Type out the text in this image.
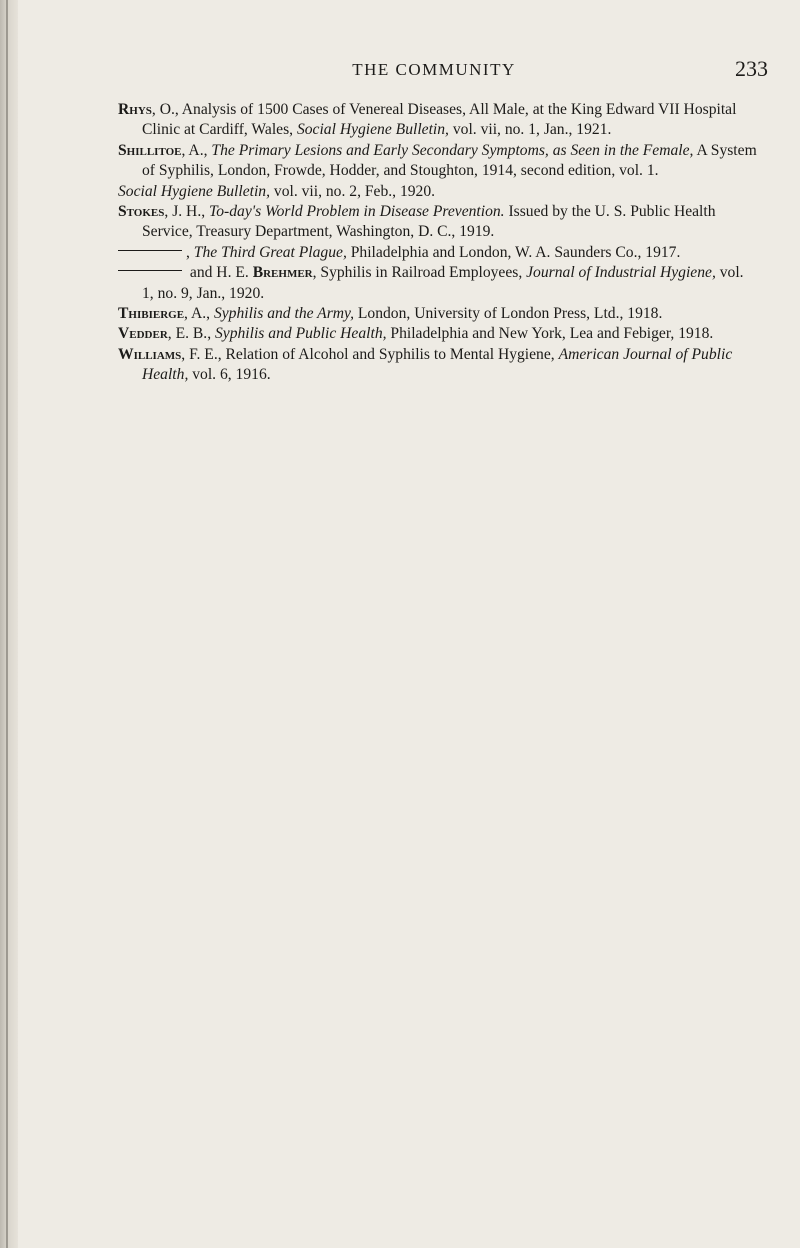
THE COMMUNITY	233

Rhys, O., Analysis of 1500 Cases of Venereal Diseases, All Male, at the King Edward VII Hospital Clinic at Cardiff, Wales, Social Hygiene Bulletin, vol. vii, no. 1, Jan., 1921.

Shillitoe, A., The Primary Lesions and Early Secondary Symptoms, as Seen in the Female, A System of Syphilis, London, Frowde, Hodder, and Stoughton, 1914, second edition, vol. 1.

Social Hygiene Bulletin, vol. vii, no. 2, Feb., 1920.

Stokes, J. H., To-day's World Problem in Disease Prevention. Issued by the U. S. Public Health Service, Treasury Department, Washington, D. C., 1919.

, The Third Great Plague, Philadelphia and London, W. A. Saunders Co., 1917.

and H. E. Brehmer, Syphilis in Railroad Employees, Journal of Industrial Hygiene, vol. 1, no. 9, Jan., 1920.

Thibierge, A., Syphilis and the Army, London, University of London Press, Ltd., 1918.

Vedder, E. B., Syphilis and Public Health, Philadelphia and New York, Lea and Febiger, 1918.

Williams, F. E., Relation of Alcohol and Syphilis to Mental Hygiene, American Journal of Public Health, vol. 6, 1916.
